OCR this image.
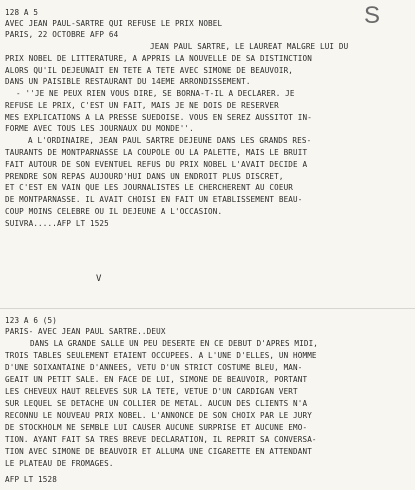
S
128 A 5
AVEC JEAN PAUL-SARTRE QUI REFUSE LE PRIX NOBEL
PARIS, 22 OCTOBRE AFP 64
JEAN PAUL SARTRE, LE LAUREAT MALGRE LUI DU
PRIX NOBEL DE LITTERATURE, A APPRIS LA NOUVELLE DE SA DISTINCTION
ALORS QU'IL DEJEUNAIT EN TETE A TETE AVEC SIMONE DE BEAUVOIR,
DANS UN PAISIBLE RESTAURANT DU 14EME ARRONDISSEMENT.
- ''JE NE PEUX RIEN VOUS DIRE, SE BORNA-T-IL A DECLARER. JE
REFUSE LE PRIX, C'EST UN FAIT, MAIS JE NE DOIS DE RESERVER
MES EXPLICATIONS A LA PRESSE SUEDOISE. VOUS EN SEREZ AUSSITOT IN-
FORME AVEC TOUS LES JOURNAUX DU MONDE''.
A L'ORDINAIRE, JEAN PAUL SARTRE DEJEUNE DANS LES GRANDS RES-
TAURANTS DE MONTPARNASSE LA COUPOLE OU LA PALETTE, MAIS LE BRUIT
FAIT AUTOUR DE SON EVENTUEL REFUS DU PRIX NOBEL L'AVAIT DECIDE A
PRENDRE SON REPAS AUJOURD'HUI DANS UN ENDROIT PLUS DISCRET,
ET C'EST EN VAIN QUE LES JOURNALISTES LE CHERCHERENT AU COEUR
DE MONTPARNASSE. IL AVAIT CHOISI EN FAIT UN ETABLISSEMENT BEAU-
COUP MOINS CELEBRE OU IL DEJEUNE A L'OCCASION.
SUIVRA.....AFP LT 1525
V
123 A 6 (5)
PARIS- AVEC JEAN PAUL SARTRE..DEUX
DANS LA GRANDE SALLE UN PEU DESERTE EN CE DEBUT D'APRES MIDI,
TROIS TABLES SEULEMENT ETAIENT OCCUPEES. A L'UNE D'ELLES, UN HOMME
D'UNE SOIXANTAINE D'ANNEES, VETU D'UN STRICT COSTUME BLEU, MAN-
GEAIT UN PETIT SALE. EN FACE DE LUI, SIMONE DE BEAUVOIR, PORTANT
LES CHEVEUX HAUT RELEVES SUR LA TETE, VETUE D'UN CARDIGAN VERT
SUR LEQUEL SE DETACHE UN COLLIER DE METAL. AUCUN DES CLIENTS N'A
RECONNU LE NOUVEAU PRIX NOBEL. L'ANNONCE DE SON CHOIX PAR LE JURY
DE STOCKHOLM NE SEMBLE LUI CAUSER AUCUNE SURPRISE ET AUCUNE EMO-
TION. AYANT FAIT SA TRES BREVE DECLARATION, IL REPRIT SA CONVERSA-
TION AVEC SIMONE DE BEAUVOIR ET ALLUMA UNE CIGARETTE EN ATTENDANT
LE PLATEAU DE FROMAGES.
AFP LT 1528
